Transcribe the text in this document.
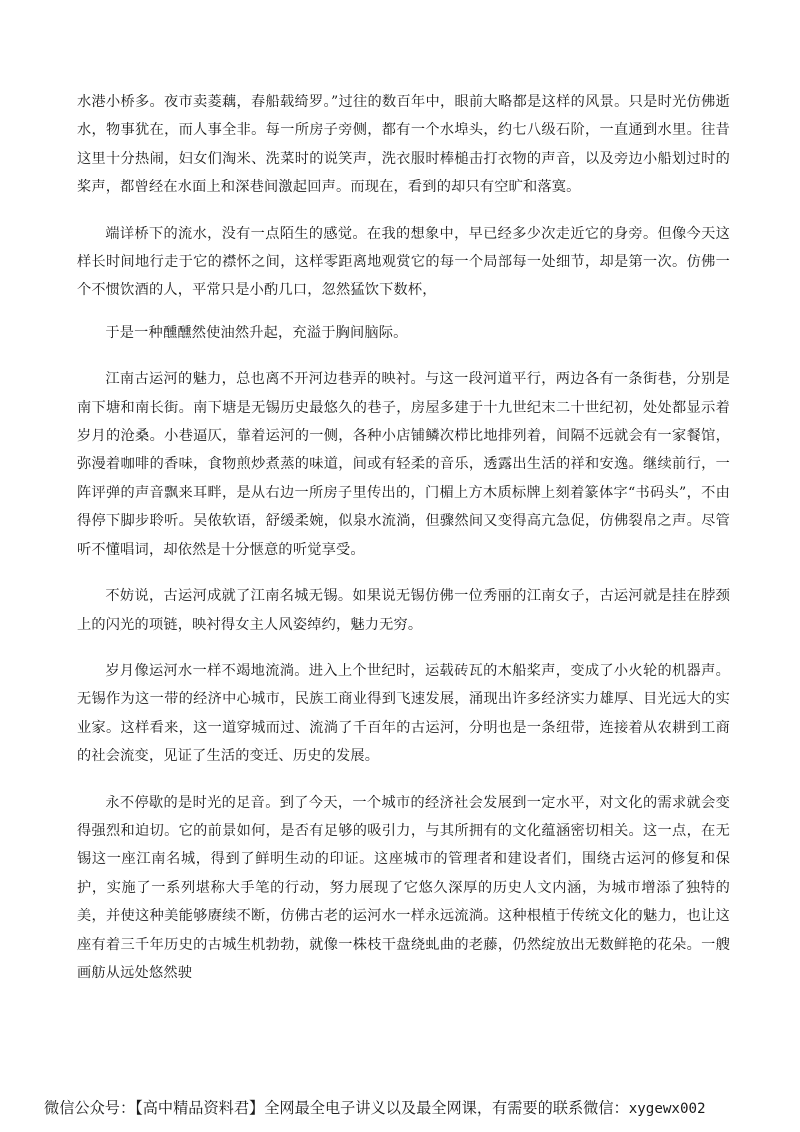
水港小桥多。夜市卖菱藕，春船载绮罗。”过往的数百年中，眼前大略都是这样的风景。只是时光仿佛逝水，物事犹在，而人事全非。每一所房子旁侧，都有一个水埠头，约七八级石阶，一直通到水里。往昔这里十分热闹，妇女们淘米、洗菜时的说笑声，洗衣服时棒槌击打衣物的声音，以及旁边小船划过时的桨声，都曾经在水面上和深巷间激起回声。而现在，看到的却只有空旷和落寞。

端详桥下的流水，没有一点陌生的感觉。在我的想象中，早已经多少次走近它的身旁。但像今天这样长时间地行走于它的襟怀之间，这样零距离地观赏它的每一个局部每一处细节，却是第一次。仿佛一个不惯饮酒的人，平常只是小酌几口，忽然猛饮下数杯，

于是一种醺醺然使油然升起，充溢于胸间脑际。

江南古运河的魅力，总也离不开河边巷弄的映衬。与这一段河道平行，两边各有一条街巷，分别是南下塘和南长街。南下塘是无锡历史最悠久的巷子，房屋多建于十九世纪末二十世纪初，处处都显示着岁月的沧桑。小巷逼仄，靠着运河的一侧，各种小店铺鳞次栉比地排列着，间隔不远就会有一家餐馆，弥漫着咖啡的香味，食物煎炒煮蒸的味道，间或有轻柔的音乐，透露出生活的祥和安逸。继续前行，一阵评弹的声音飘来耳畔，是从右边一所房子里传出的，门楣上方木质标牌上刻着篆体字“书码头”，不由得停下脚步聆听。吴侬软语，舒缓柔婉，似泉水流淌，但骤然间又变得高亢急促，仿佛裂帛之声。尽管听不懂唱词，却依然是十分惬意的听觉享受。

不妨说，古运河成就了江南名城无锡。如果说无锡仿佛一位秀丽的江南女子，古运河就是挂在脖颈上的闪光的项链，映衬得女主人风姿绰约，魅力无穷。

岁月像运河水一样不竭地流淌。进入上个世纪时，运载砖瓦的木船桨声，变成了小火轮的机器声。无锡作为这一带的经济中心城市，民族工商业得到飞速发展，涌现出许多经济实力雄厚、目光远大的实业家。这样看来，这一道穿城而过、流淌了千百年的古运河，分明也是一条纽带，连接着从农耕到工商的社会流变，见证了生活的变迁、历史的发展。

永不停歇的是时光的足音。到了今天，一个城市的经济社会发展到一定水平，对文化的需求就会变得强烈和迫切。它的前景如何，是否有足够的吸引力，与其所拥有的文化蕴涵密切相关。这一点，在无锡这一座江南名城，得到了鲜明生动的印证。这座城市的管理者和建设者们，围绕古运河的修复和保护，实施了一系列堪称大手笔的行动，努力展现了它悠久深厚的历史人文内涵，为城市增添了独特的美，并使这种美能够赓续不断，仿佛古老的运河水一样永远流淌。这种根植于传统文化的魅力，也让这座有着三千年历史的古城生机勃勃，就像一株枝干盘绕虬曲的老藤，仍然绽放出无数鲜艳的花朵。一艘画舫从远处悠然驶

微信公众号：【高中精品资料君】全网最全电子讲义以及最全网课，有需要的联系微信：xygewx002
